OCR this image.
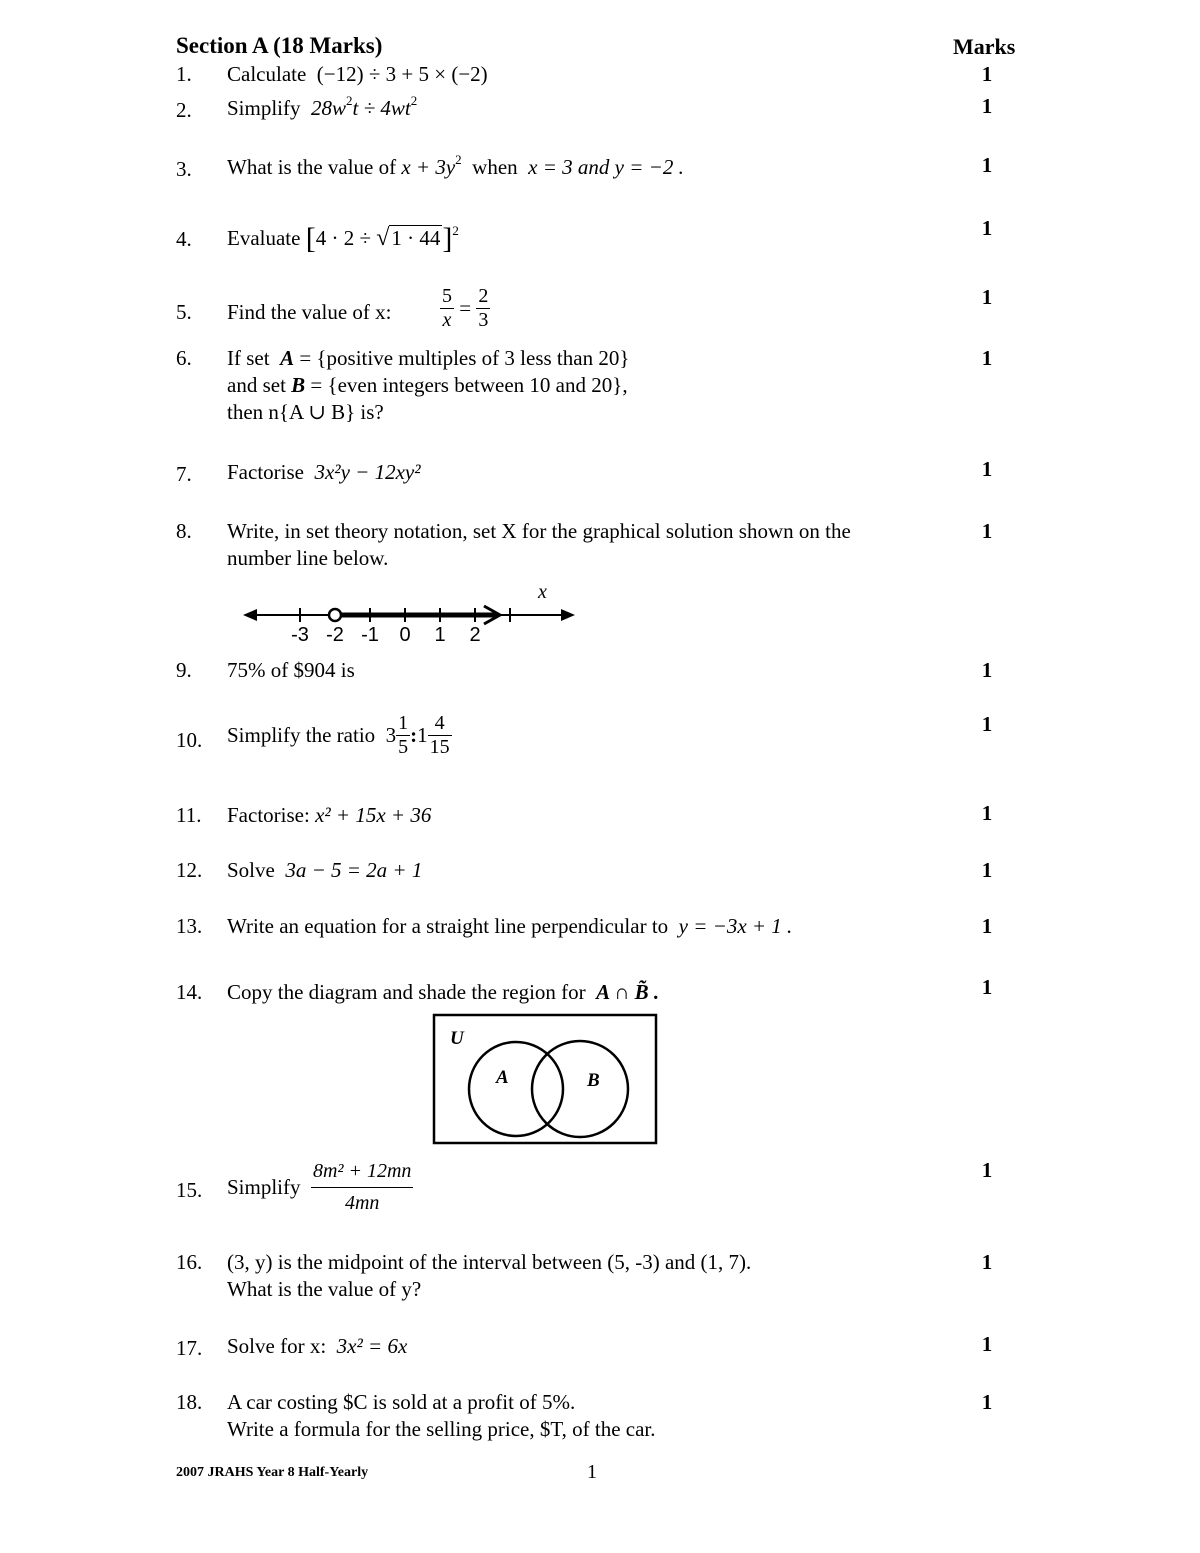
Section A (18 Marks)	Marks
1. Calculate (−12) ÷ 3 + 5 × (−2)	1
2. Simplify $28w^2t \div 4wt^2$	1
3. What is the value of $x + 3y^2$ when x = 3 and y = −2 .	1
4. Evaluate $[4 \cdot 2 \div √1 \cdot 44]^2$	1
5. Find the value of x: $\frac{5}{x} = \frac{2}{3}$	1
6. If set A = {positive multiples of 3 less than 20}
and set B = {even integers between 10 and 20},
then n{A ∪ B} is?
1
7. Factorise 3x²y − 12xy²	1
8. Write, in set theory notation, set X for the graphical solution shown on the
number line below.
1
-3 -2 -1 0 1 2
x
9. 75% of $904 is	1
10. Simplify the ratio $3 \frac{1}{5}$ :1 $\frac{4}{15}$	1
11. Factorise: x² + 15x + 36	1
12. Solve 3a − 5 = 2a + 1	1
13. Write an equation for a straight line perpendicular to y = −3x + 1 .	1
14. Copy the diagram and shade the region for A ∩ B̃ .	1
U
A	B
15. Simplify $\frac{\text{8m² + 12mn}}{4mn}$	1
16. (3, y) is the midpoint of the interval between (5, -3) and (1, 7).
What is the value of y?
1
17. Solve for x: 3x² = 6x	1
18. A car costing $C is sold at a profit of 5%.
Write a formula for the selling price, $T, of the car.
1
2007 JRAHS Year 8 Half-Yearly	1
